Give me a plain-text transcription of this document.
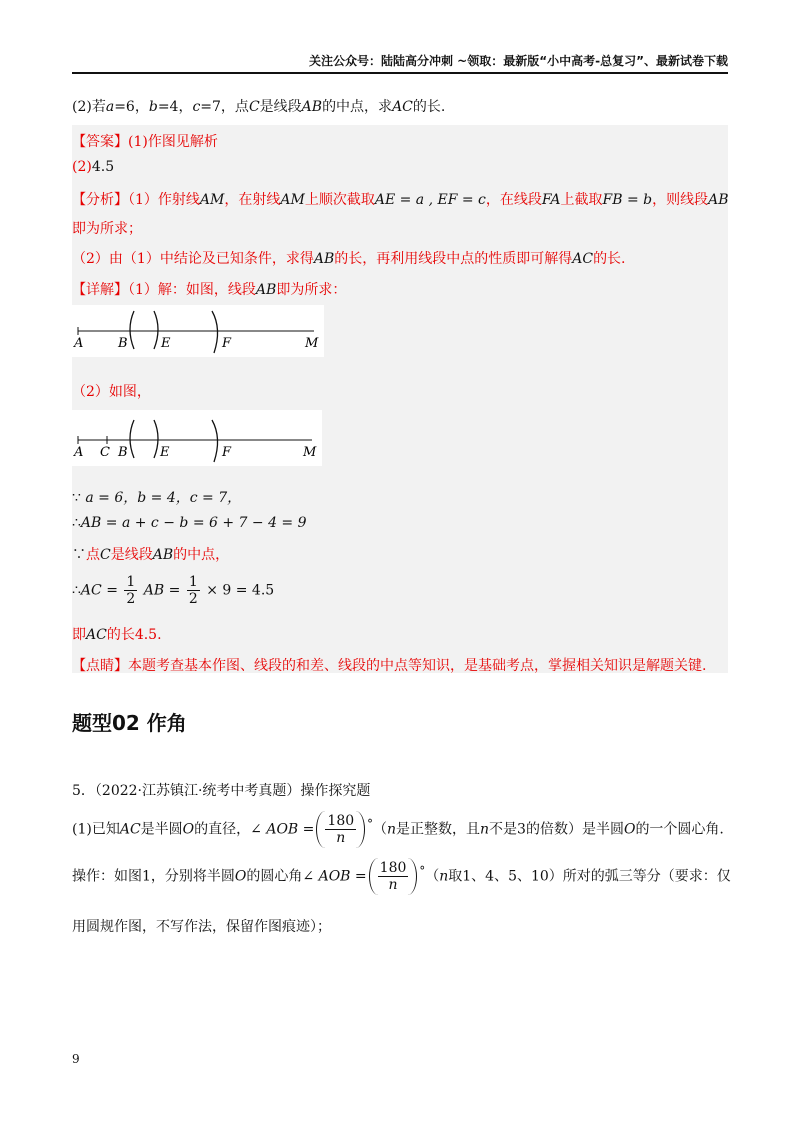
关注公众号：陆陆高分冲刺 ~领取：最新版“小中高考-总复习”、最新试卷下载
(2)若a=6，b=4，c=7，点C是线段AB的中点，求AC的长.
【答案】(1)作图见解析
(2)4.5
【分析】（1）作射线AM，在射线AM上顺次截取AE = a , EF = c，在线段FA上截取FB = b，则线段AB
即为所求；
（2）由（1）中结论及已知条件，求得AB的长，再利用线段中点的性质即可解得AC的长.
【详解】（1）解：如图，线段AB即为所求：
A	B	E	F	M
（2）如图，
A C B E	F	M
∵ a = 6，b = 4，c = 7，
∴AB = a + c − b = 6 + 7 − 4 = 9
∵点C是线段AB的中点，
∴AC = $\frac{1}{2}$ AB = $\frac{1}{2} \times 9 = 4.5$
即AC的长4.5.
【点睛】本题考查基本作图、线段的和差、线段的中点等知识，是基础考点，掌握相关知识是解题关键.
题型02 作角
5．（2022·江苏镇江·统考中考真题）操作探究题
(1)已知AC是半圆O的直径，∠ AOB = $\frac{180}{n} ^\circ(n$是正整数，且n不是3的倍数）是半圆O的一个圆心角.
操作：如图1，分别将半圆O的圆心角∠ AOB = $\frac{180}{n} ^\circ(n$取1、4、5、10）所对的弧三等分（要求：仅
用圆规作图，不写作法，保留作图痕迹）；
9
